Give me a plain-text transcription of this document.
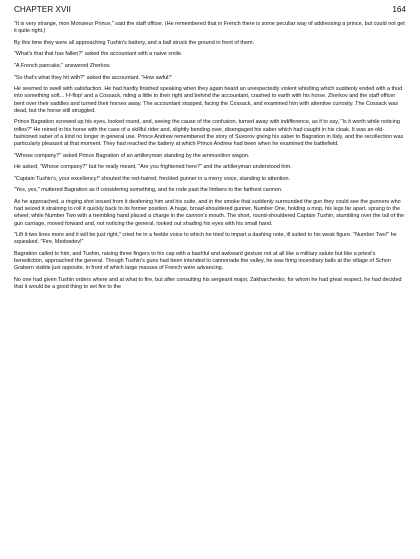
CHAPTER XVII	164

"It is very strange, mon Monsieur Prince," said the staff officer. (He remembered that in French there is some peculiar way of addressing a prince, but could not get it quite right.)

By this time they were all approaching Tushin's battery, and a ball struck the ground in front of them.

"What's that that has fallen?" asked the accountant with a naive smile.

"A French pancake," answered Zherkov.

"So that's what they hit with?" asked the accountant. "How awful!"

He seemed to swell with satisfaction. He had hardly finished speaking when they again heard an unexpectedly violent whistling which suddenly ended with a thud into something soft... f-f-flop! and a Cossack, riding a little to their right and behind the accountant, crashed to earth with his horse. Zherkov and the staff officer bent over their saddles and turned their horses away. The accountant stopped, facing the Cossack, and examined him with attentive curiosity. The Cossack was dead, but the horse still struggled.

Prince Bagration screwed up his eyes, looked round, and, seeing the cause of the confusion, turned away with indifference, as if to say, "Is it worth while noticing trifles?" He reined in his horse with the case of a skillful rider and, slightly bending over, disengaged his saber which had caught in his cloak. It was an old-fashioned saber of a kind no longer in general use. Prince Andrew remembered the story of Suvorov giving his saber to Bagration in Italy, and the recollection was particularly pleasant at that moment. They had reached the battery at which Prince Andrew had been when he examined the battlefield.

"Whose company?" asked Prince Bagration of an artilleryman standing by the ammunition wagon.

He asked, "Whose company?" but he really meant, "Are you frightened here?" and the artilleryman understood him.

"Captain Tushin's, your excellency!" shouted the red-haired, freckled gunner in a merry voice, standing to attention.

"Yes, yes," muttered Bagration as if considering something, and he rode past the limbers to the farthest cannon.

As he approached, a ringing shot issued from it deafening him and his suite, and in the smoke that suddenly surrounded the gun they could see the gunners who had seized it straining to roll it quickly back to its former position. A huge, broad-shouldered gunner, Number One, holding a mop, his legs far apart, sprang to the wheel; while Number Two with a trembling hand placed a charge in the cannon's mouth. The short, round-shouldered Captain Tushin, stumbling over the tail of the gun carriage, moved forward and, not noticing the general, looked out shading his eyes with his small hand.

"Lift it two lines more and it will be just right," cried he in a feeble voice to which he tried to impart a dashing note, ill suited to his weak figure. "Number Two!" he squeaked. "Fire, Medvedev!"

Bagration called to him, and Tushin, raising three fingers to his cap with a bashful and awkward gesture not at all like a military salute but like a priest's benediction, approached the general. Though Tushin's guns had been intended to cannonade the valley, he was firing incendiary balls at the village of Schon Grabern visible just opposite, in front of which large masses of French were advancing.

No one had given Tushin orders where and at what to fire, but after consulting his sergeant major, Zakharchenko, for whom he had great respect, he had decided that it would be a good thing to set fire to the
